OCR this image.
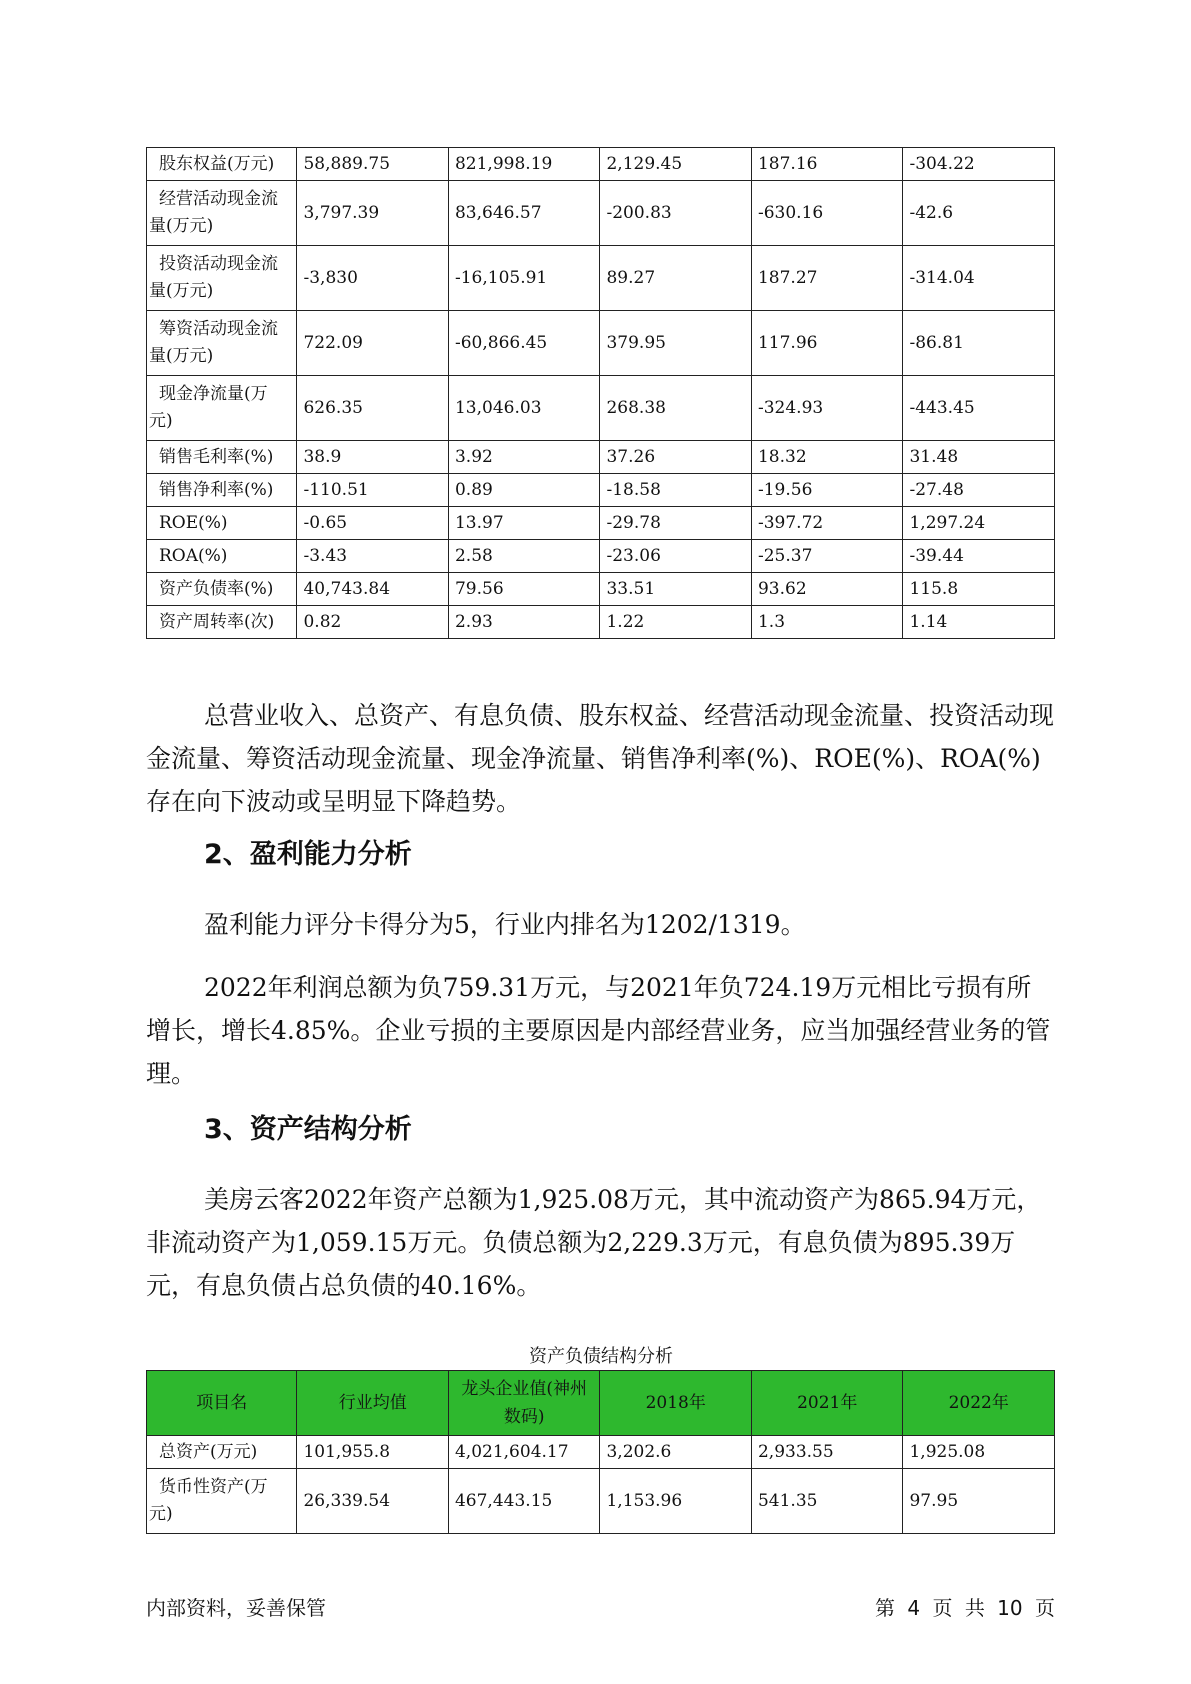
股东权益(万元)	58,889.75	821,998.19	2,129.45	187.16	-304.22
经营活动现金流量(万元)	3,797.39	83,646.57	-200.83	-630.16	-42.6
投资活动现金流量(万元)	-3,830	-16,105.91	89.27	187.27	-314.04
筹资活动现金流量(万元)	722.09	-60,866.45	379.95	117.96	-86.81
现金净流量(万元)	626.35	13,046.03	268.38	-324.93	-443.45
销售毛利率(%)	38.9	3.92	37.26	18.32	31.48
销售净利率(%)	-110.51	0.89	-18.58	-19.56	-27.48
ROE(%)	-0.65	13.97	-29.78	-397.72	1,297.24
ROA(%)	-3.43	2.58	-23.06	-25.37	-39.44
资产负债率(%)	40,743.84	79.56	33.51	93.62	115.8
资产周转率(次)	0.82	2.93	1.22	1.3	1.14

总营业收入、总资产、有息负债、股东权益、经营活动现金流量、投资活动现金流量、筹资活动现金流量、现金净流量、销售净利率(%)、ROE(%)、ROA(%)存在向下波动或呈明显下降趋势。

2、盈利能力分析

盈利能力评分卡得分为5，行业内排名为1202/1319。

2022年利润总额为负759.31万元，与2021年负724.19万元相比亏损有所增长，增长4.85%。企业亏损的主要原因是内部经营业务，应当加强经营业务的管理。

3、资产结构分析

美房云客2022年资产总额为1,925.08万元，其中流动资产为865.94万元，非流动资产为1,059.15万元。负债总额为2,229.3万元，有息负债为895.39万元，有息负债占总负债的40.16%。

资产负债结构分析

项目名	行业均值	龙头企业值(神州数码)	2018年	2021年	2022年
总资产(万元)	101,955.8	4,021,604.17	3,202.6	2,933.55	1,925.08
货币性资产(万元)	26,339.54	467,443.15	1,153.96	541.35	97.95

内部资料，妥善保管	第 4 页 共 10 页
